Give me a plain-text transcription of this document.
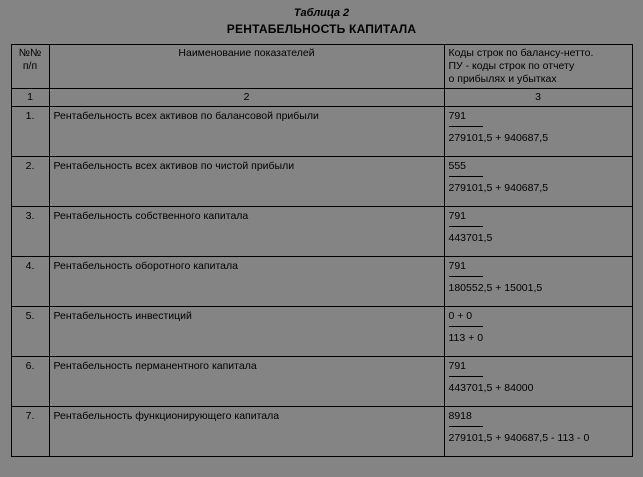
Таблица 2
РЕНТАБЕЛЬНОСТЬ КАПИТАЛА
№№
п/п	Наименование показателей	Коды строк по балансу-нетто.
ПУ - коды строк по отчету
о прибылях и убытках
1	2	3
1.	Рентабельность всех активов по балансовой прибыли	$\frac{791}{279101,5 + 940687,5}$

2.	Рентабельность всех активов по чистой прибыли	$\frac{555}{279101,5 + 940687,5}$

3.	Рентабельность собственного капитала	$\frac{791}{443701,5}$

4.	Рентабельность оборотного капитала	$\frac{791}{180552,5 + 15001,5}$

5.	Рентабельность инвестиций	$\frac{0 + 0}{113 + 0}$

6.	Рентабельность перманентного капитала	$\frac{791}{443701,5 + 84000}$

7.	Рентабельность функционирующего капитала	$\frac{8918}{279101,5 + 940687,5 - 113 - 0}$
